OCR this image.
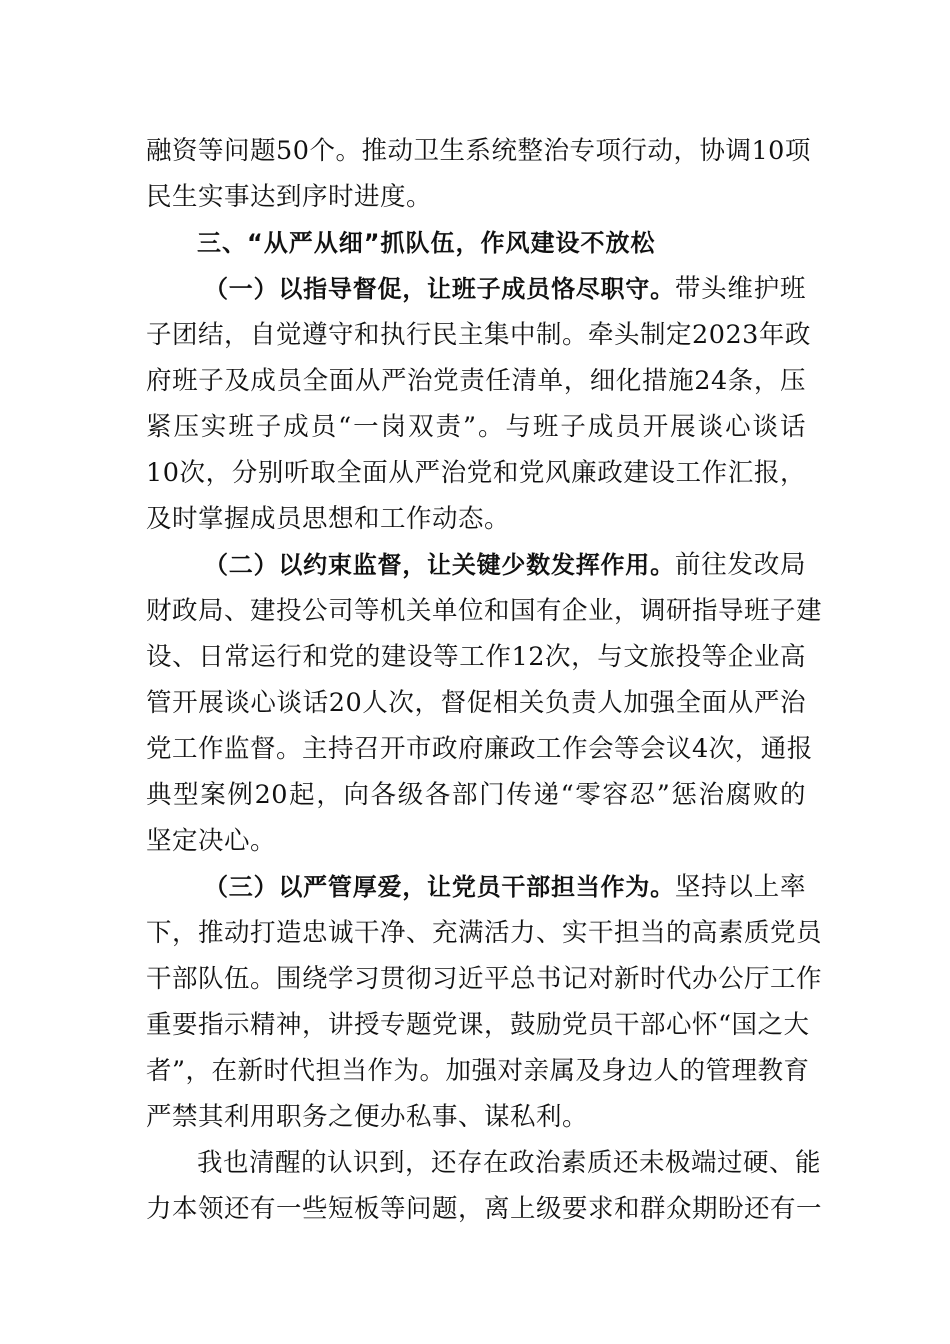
融资等问题50个。推动卫生系统整治专项行动，协调10项
民生实事达到序时进度。
三、“从严从细”抓队伍，作风建设不放松
（一）以指导督促，让班子成员恪尽职守。带头维护班
子团结，自觉遵守和执行民主集中制。牵头制定2023年政
府班子及成员全面从严治党责任清单，细化措施24条，压
紧压实班子成员“一岗双责”。与班子成员开展谈心谈话
10次，分别听取全面从严治党和党风廉政建设工作汇报，
及时掌握成员思想和工作动态。
（二）以约束监督，让关键少数发挥作用。前往发改局
财政局、建投公司等机关单位和国有企业，调研指导班子建
设、日常运行和党的建设等工作12次，与文旅投等企业高
管开展谈心谈话20人次，督促相关负责人加强全面从严治
党工作监督。主持召开市政府廉政工作会等会议4次，通报
典型案例20起，向各级各部门传递“零容忍”惩治腐败的
坚定决心。
（三）以严管厚爱，让党员干部担当作为。坚持以上率
下，推动打造忠诚干净、充满活力、实干担当的高素质党员
干部队伍。围绕学习贯彻习近平总书记对新时代办公厅工作
重要指示精神，讲授专题党课，鼓励党员干部心怀“国之大
者”，在新时代担当作为。加强对亲属及身边人的管理教育
严禁其利用职务之便办私事、谋私利。
我也清醒的认识到，还存在政治素质还未极端过硬、能
力本领还有一些短板等问题，离上级要求和群众期盼还有一
